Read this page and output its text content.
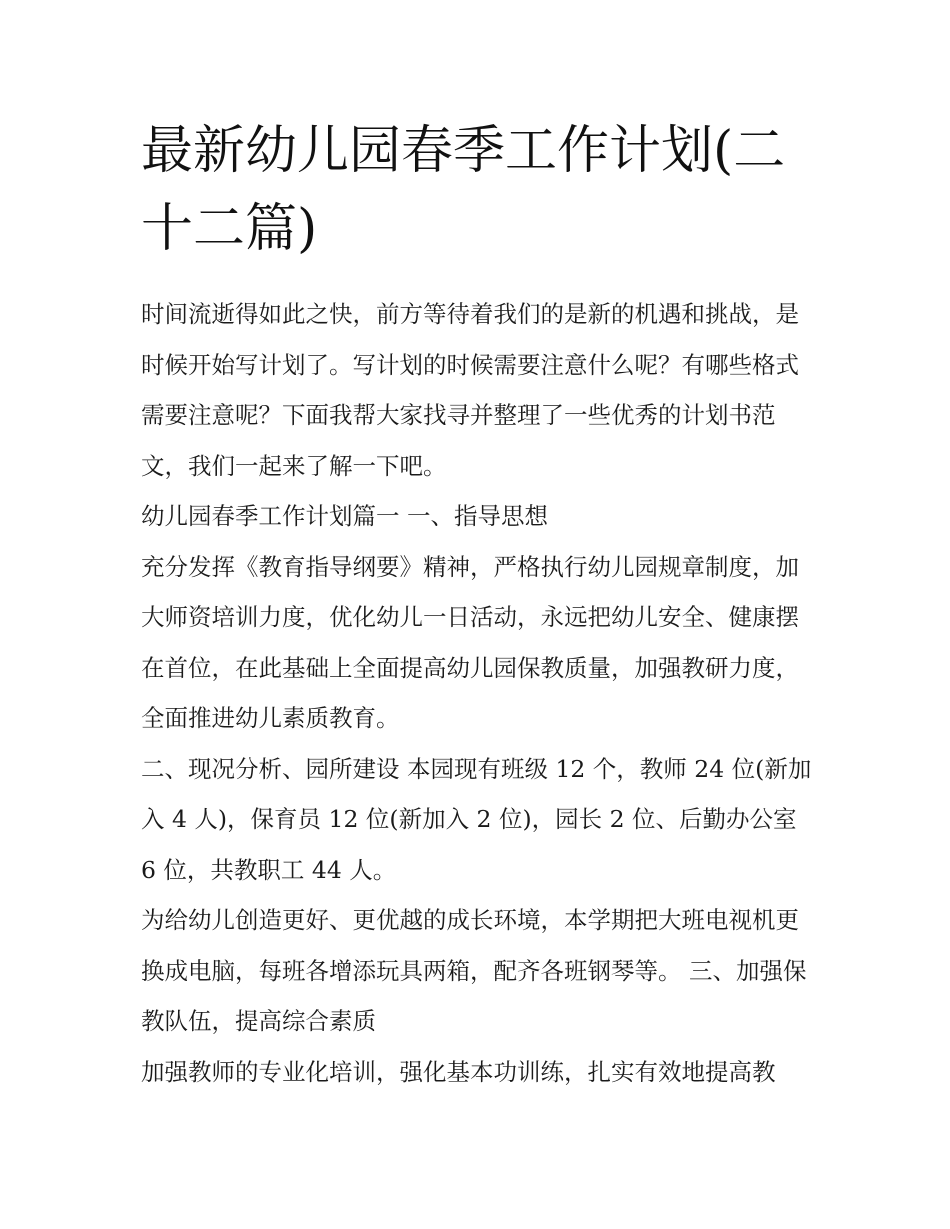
最新幼儿园春季工作计划(二十二篇)

时间流逝得如此之快，前方等待着我们的是新的机遇和挑战，是时候开始写计划了。写计划的时候需要注意什么呢？有哪些格式需要注意呢？下面我帮大家找寻并整理了一些优秀的计划书范文，我们一起来了解一下吧。

幼儿园春季工作计划篇一 一、指导思想

充分发挥《教育指导纲要》精神，严格执行幼儿园规章制度，加大师资培训力度，优化幼儿一日活动，永远把幼儿安全、健康摆在首位，在此基础上全面提高幼儿园保教质量，加强教研力度，全面推进幼儿素质教育。

二、现况分析、园所建设 本园现有班级 12 个，教师 24 位(新加入 4 人)，保育员 12 位(新加入 2 位)，园长 2 位、后勤办公室 6 位，共教职工 44 人。

为给幼儿创造更好、更优越的成长环境，本学期把大班电视机更换成电脑，每班各增添玩具两箱，配齐各班钢琴等。 三、加强保教队伍，提高综合素质

加强教师的专业化培训，强化基本功训练，扎实有效地提高教
